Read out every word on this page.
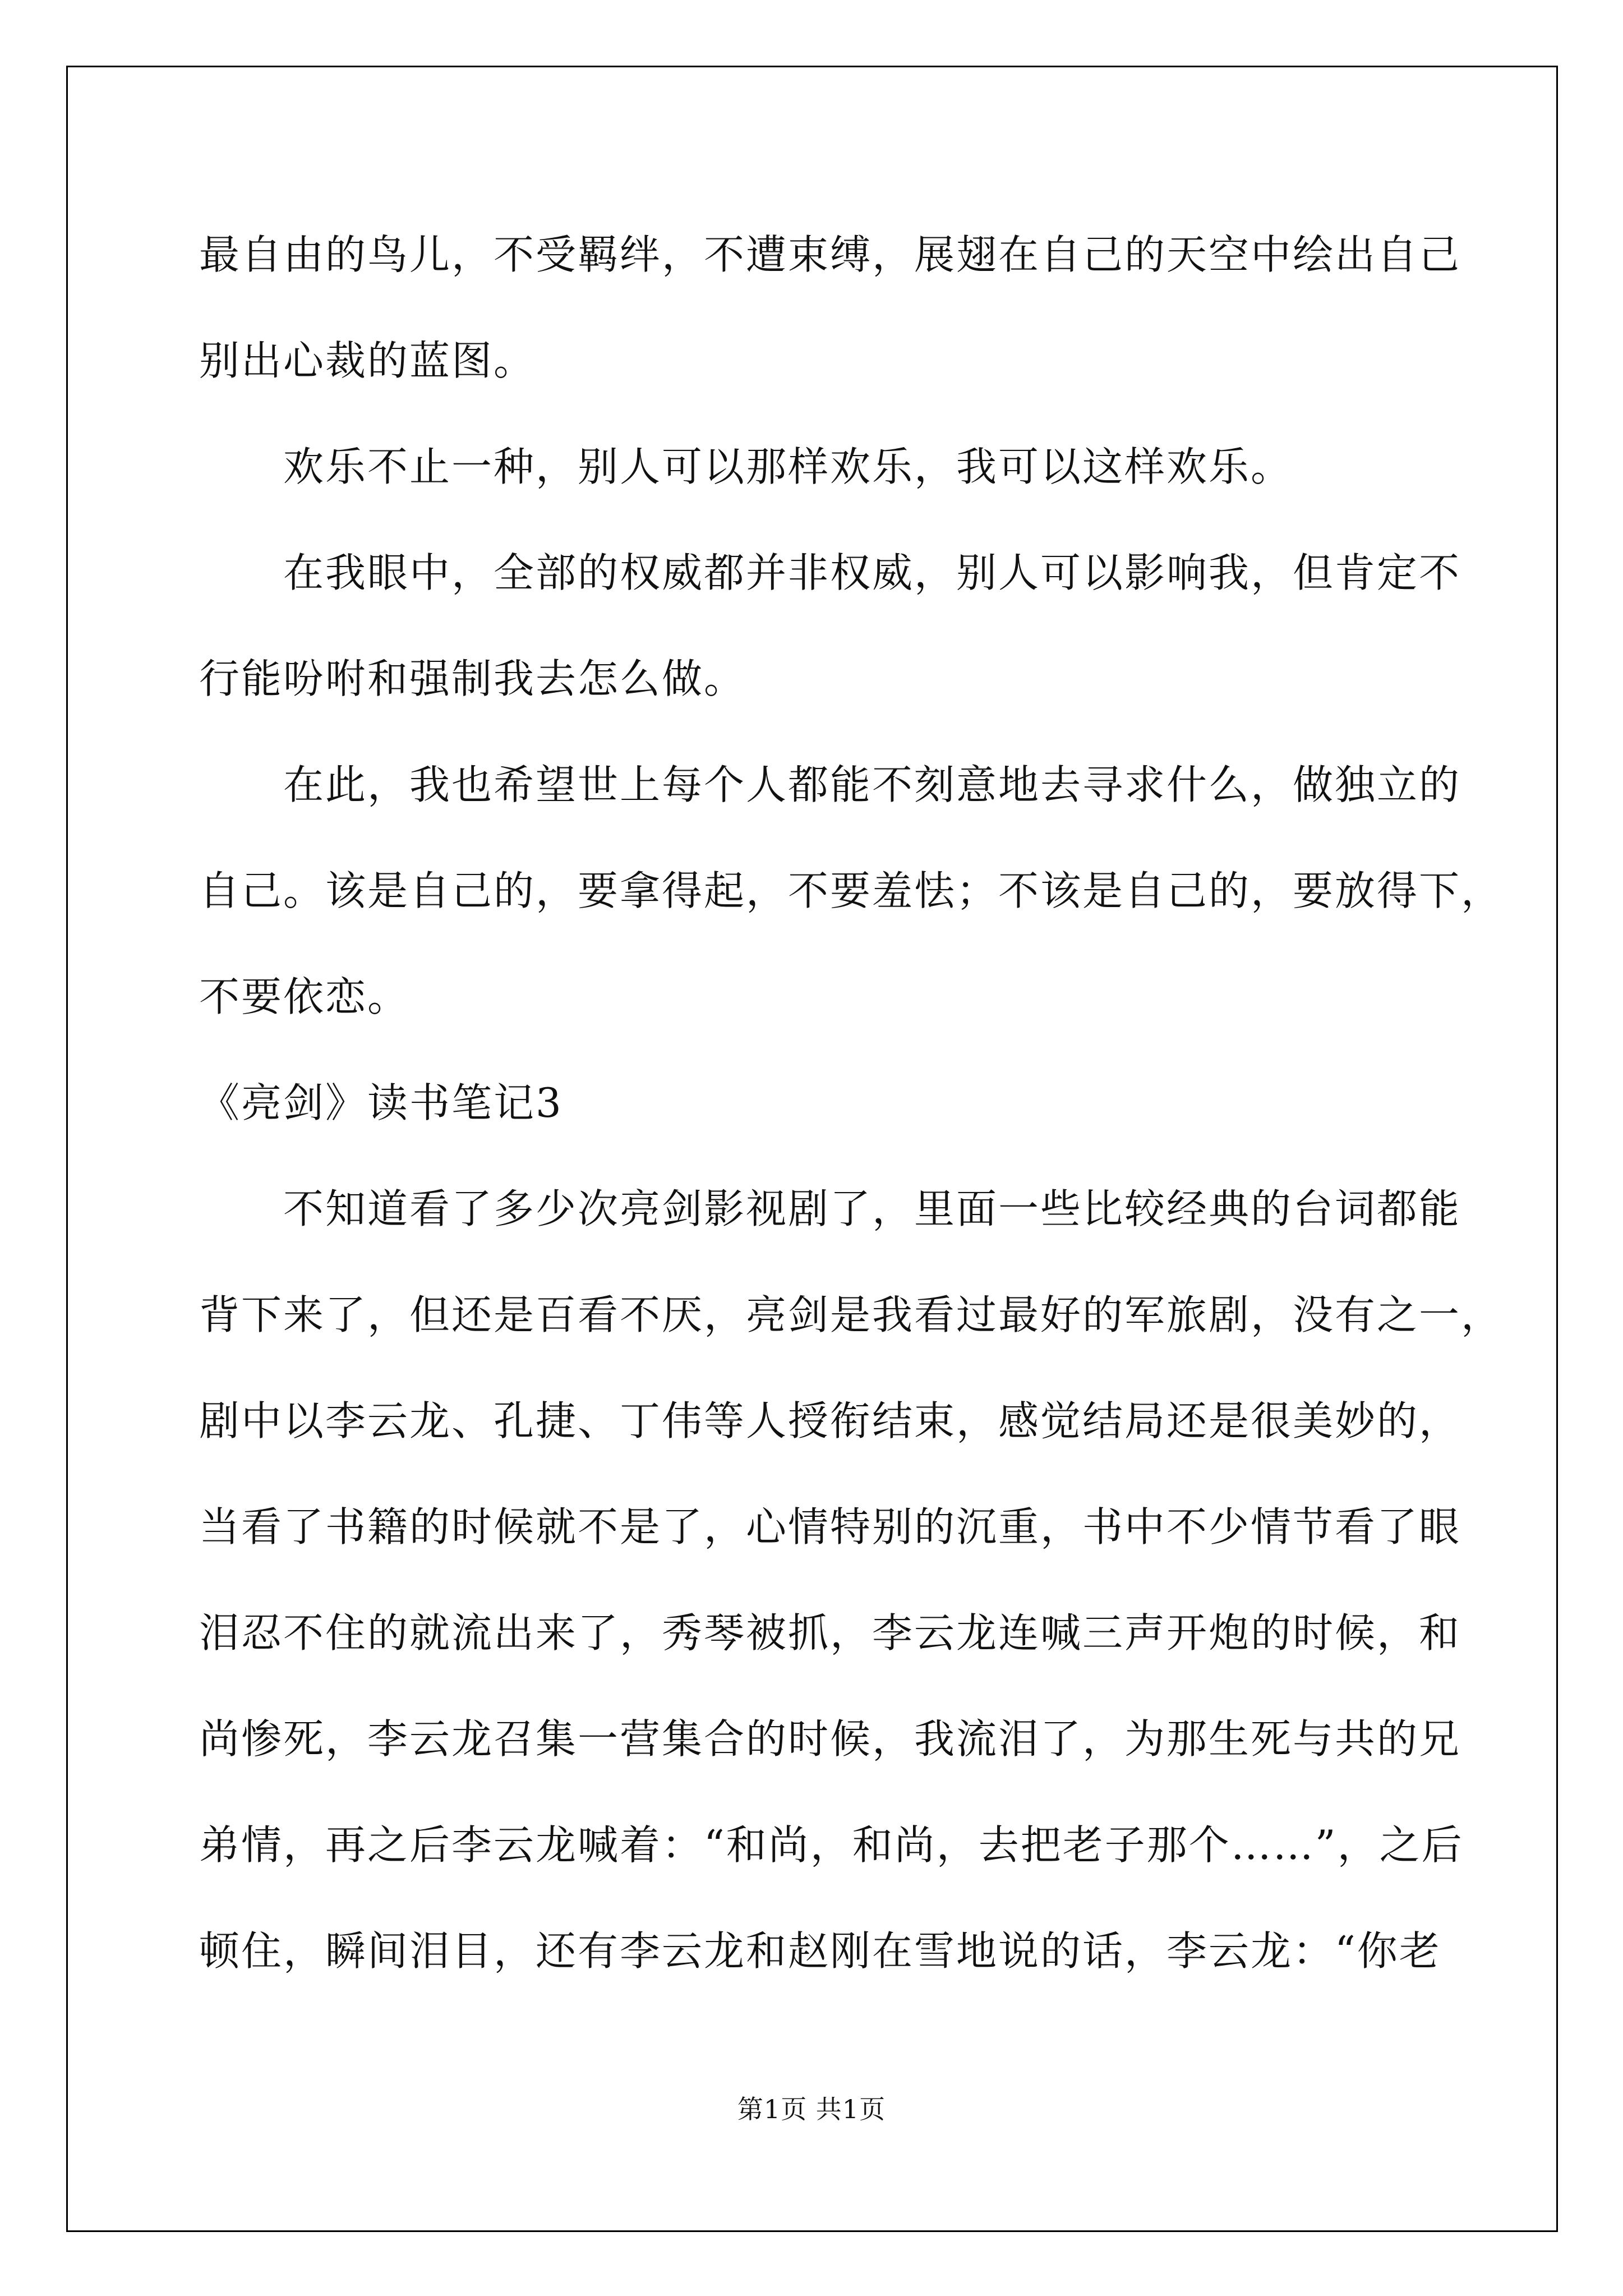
最自由的鸟儿，不受羁绊，不遭束缚，展翅在自己的天空中绘出自己

别出心裁的蓝图。

欢乐不止一种，别人可以那样欢乐，我可以这样欢乐。

在我眼中，全部的权威都并非权威，别人可以影响我，但肯定不

行能吩咐和强制我去怎么做。

在此，我也希望世上每个人都能不刻意地去寻求什么，做独立的

自己。该是自己的，要拿得起，不要羞怯；不该是自己的，要放得下，

不要依恋。

《亮剑》读书笔记3

不知道看了多少次亮剑影视剧了，里面一些比较经典的台词都能

背下来了，但还是百看不厌，亮剑是我看过最好的军旅剧，没有之一，

剧中以李云龙、孔捷、丁伟等人授衔结束，感觉结局还是很美妙的，

当看了书籍的时候就不是了，心情特别的沉重，书中不少情节看了眼

泪忍不住的就流出来了，秀琴被抓，李云龙连喊三声开炮的时候，和

尚惨死，李云龙召集一营集合的时候，我流泪了，为那生死与共的兄

弟情，再之后李云龙喊着：“和尚，和尚，去把老子那个……”，之后

顿住，瞬间泪目，还有李云龙和赵刚在雪地说的话，李云龙：“你老

第1页 共1页
